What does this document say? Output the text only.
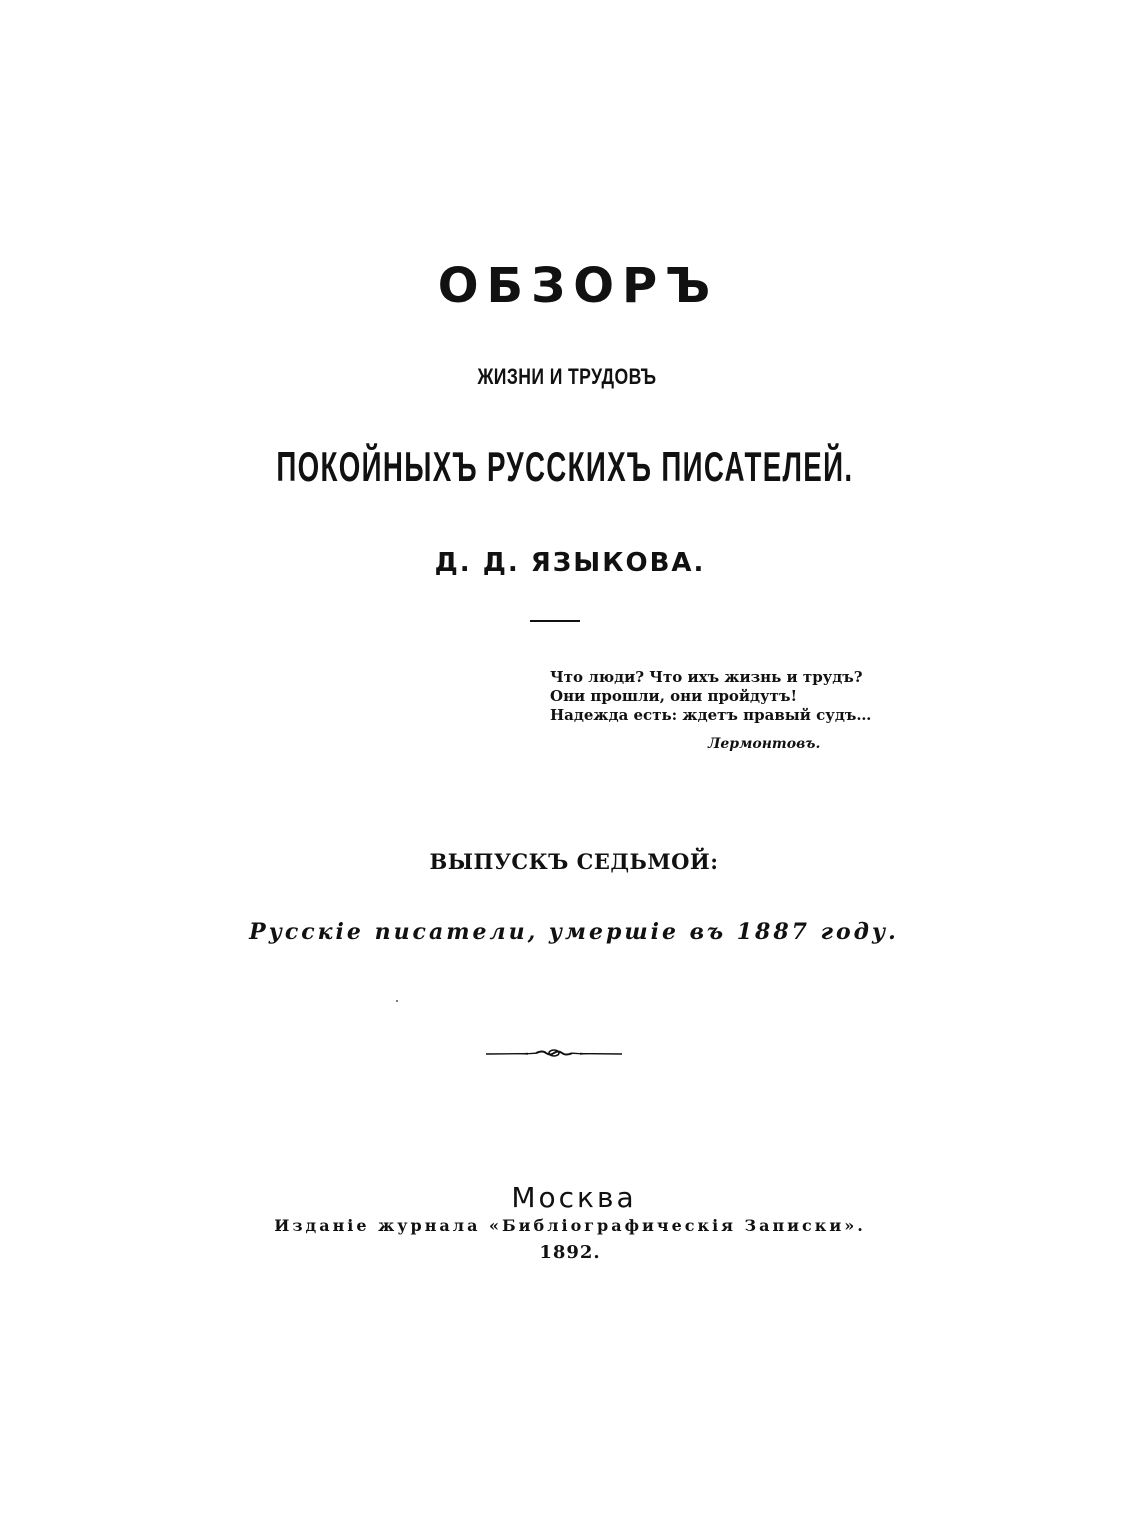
ОБЗОРЪ
ЖИЗНИ И ТРУДОВЪ
ПОКОЙНЫХЪ РУССКИХЪ ПИСАТЕЛЕЙ.
Д. Д. ЯЗЫКОВА.
Что люди? Что ихъ жизнь и трудъ?
Они прошли, они пройдутъ!
Надежда есть: ждетъ правый судъ…
Лермонтовъ.
ВЫПУСКЪ СЕДЬМОЙ:
Русскіе писатели, умершіе въ 1887 году.
Москва
Изданіе журнала «Библіографическія Записки».
1892.
